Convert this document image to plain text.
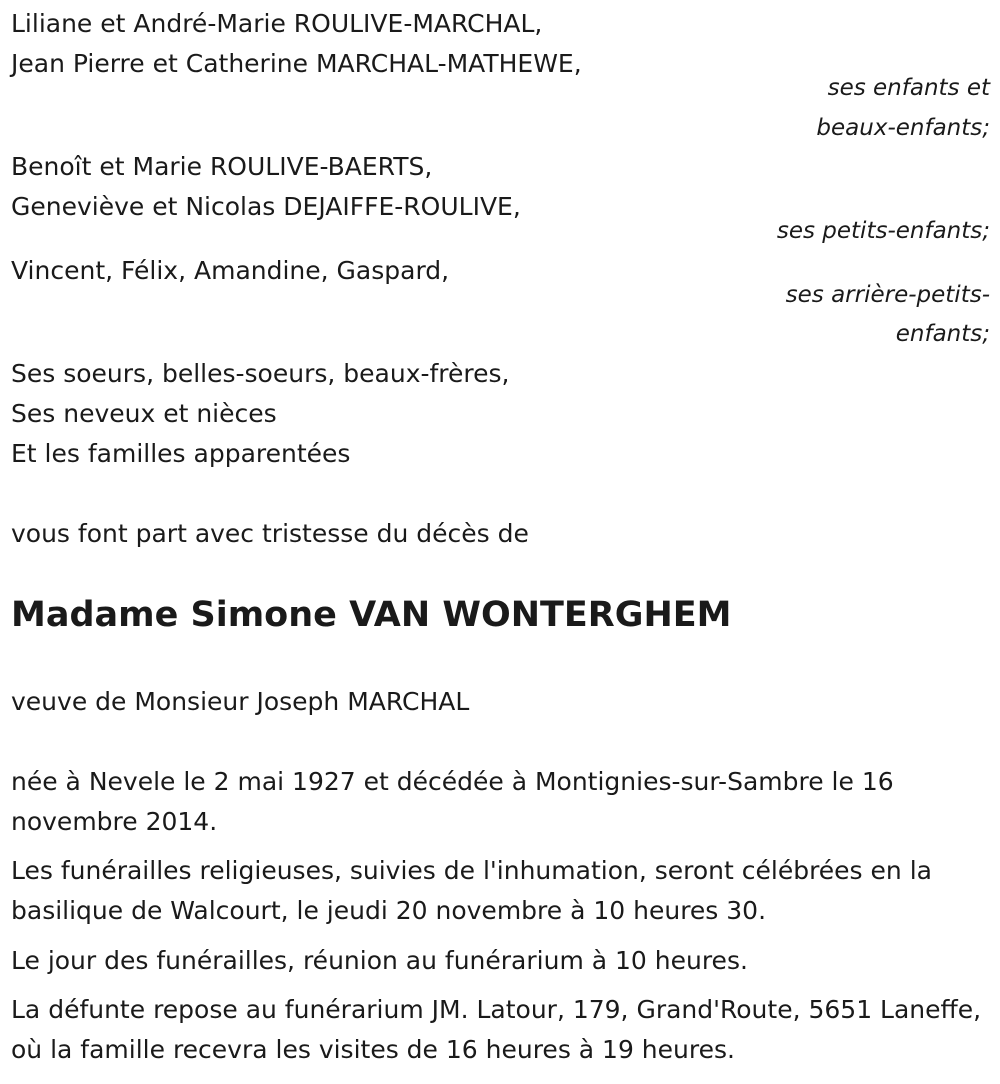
Liliane et André-Marie ROULIVE-MARCHAL,

Jean Pierre et Catherine MARCHAL-MATHEWE,

ses enfants et

beaux-enfants;

Benoît et Marie ROULIVE-BAERTS,

Geneviève et Nicolas DEJAIFFE-ROULIVE,

ses petits-enfants;

Vincent, Félix, Amandine, Gaspard,

ses arrière-petits-

enfants;

Ses soeurs, belles-soeurs, beaux-frères,

Ses neveux et nièces

Et les familles apparentées

vous font part avec tristesse du décès de

Madame Simone VAN WONTERGHEM

veuve de Monsieur Joseph MARCHAL

née à Nevele le 2 mai 1927 et décédée à Montignies-sur-Sambre le 16 novembre 2014.

Les funérailles religieuses, suivies de l'inhumation, seront célébrées en la basilique de Walcourt, le jeudi 20 novembre à 10 heures 30.

Le jour des funérailles, réunion au funérarium à 10 heures.

La défunte repose au funérarium JM. Latour, 179, Grand'Route, 5651 Laneffe, où la famille recevra les visites de 16 heures à 19 heures.
